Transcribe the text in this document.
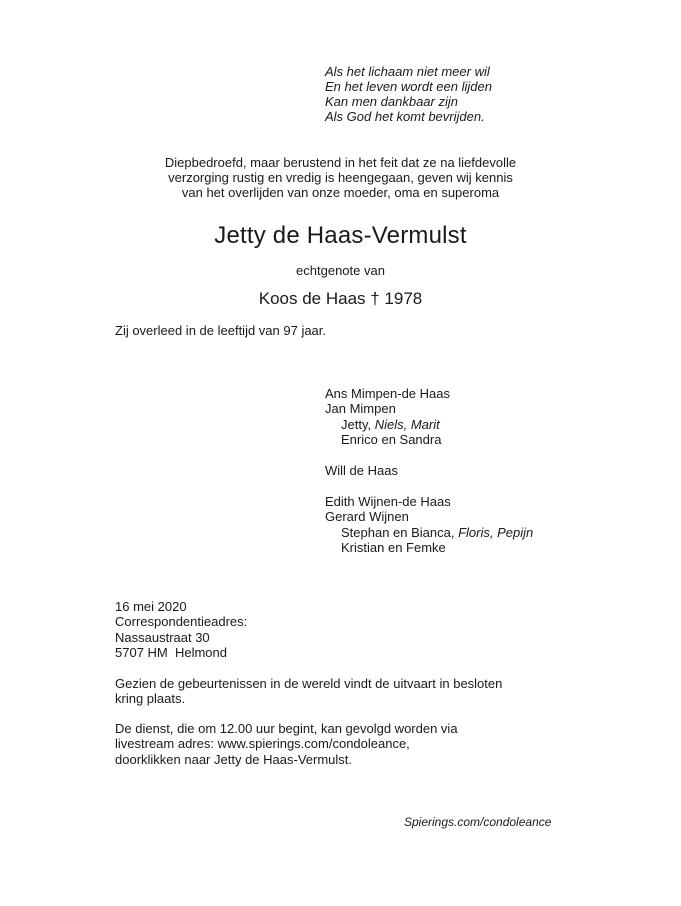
Als het lichaam niet meer wil
En het leven wordt een lijden
Kan men dankbaar zijn
Als God het komt bevrijden.
Diepbedroefd, maar berustend in het feit dat ze na liefdevolle
verzorging rustig en vredig is heengegaan, geven wij kennis
van het overlijden van onze moeder, oma en superoma
Jetty de Haas-Vermulst
echtgenote van
Koos de Haas † 1978
Zij overleed in de leeftijd van 97 jaar.
Ans Mimpen-de Haas
Jan Mimpen
Jetty, Niels, Marit
Enrico en Sandra
Will de Haas
Edith Wijnen-de Haas
Gerard Wijnen
Stephan en Bianca, Floris, Pepijn
Kristian en Femke
16 mei 2020
Correspondentieadres:
Nassaustraat 30
5707 HM  Helmond
Gezien de gebeurtenissen in de wereld vindt de uitvaart in besloten
kring plaats.
De dienst, die om 12.00 uur begint, kan gevolgd worden via
livestream adres: www.spierings.com/condoleance,
doorklikken naar Jetty de Haas-Vermulst.
Spierings.com/condoleance
